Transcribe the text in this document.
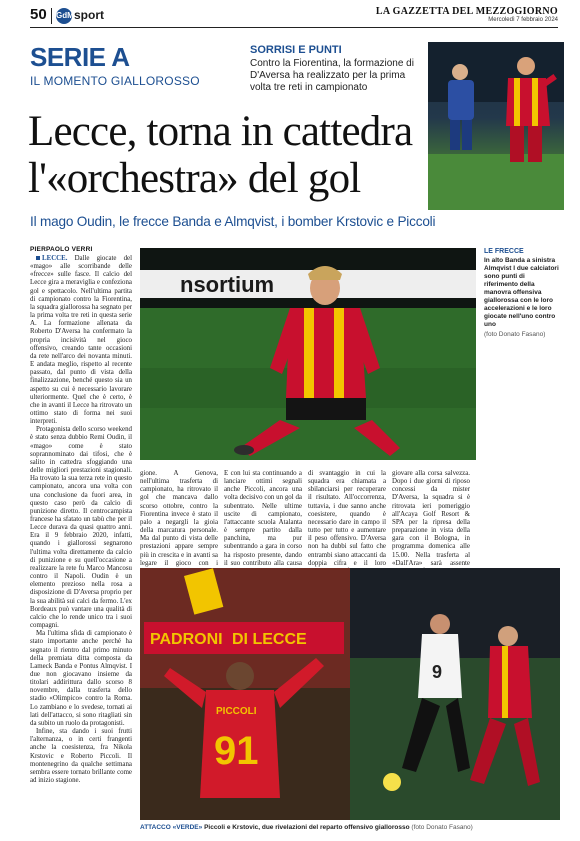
50 GdMsport	LA GAZZETTA DEL MEZZOGIORNO
Mercoledì 7 febbraio 2024
SERIE A
IL MOMENTO GIALLOROSSO
SORRISI E PUNTI
Contro la Fiorentina, la formazione di D'Aversa ha realizzato per la prima volta tre reti in campionato
Lecce, torna in cattedra
l'«orchestra» del gol
Il mago Oudin, le frecce Banda e Almqvist, i bomber Krstovic e Piccoli
PIERPAOLO VERRI

LECCE. Dalle giocate del «mago» alle scorribande delle «frecce» sulle fasce. Il calcio del Lecce gira a meraviglia e confeziona gol e spettacolo. Nell'ultima partita di campionato contro la Fiorentina, la squadra giallorossa ha segnato per la prima volta tre reti in questa serie A. La formazione allenata da Roberto D'Aversa ha confermato la propria incisività nel gioco offensivo, creando tante occasioni da rete nell'arco dei novanta minuti. E andata meglio, rispetto al recente passato, dal punto di vista della finalizzazione, benché questo sia un aspetto su cui è necessario lavorare ulteriormente. Quel che è certo, è che in avanti il Lecce ha ritrovato un ottimo stato di forma nei suoi interpreti.

Protagonista dello scorso weekend è stato senza dubbio Remi Oudin, il «mago» come è stato soprannominato dai tifosi, che è salito in cattedra sfoggiando una delle migliori prestazioni stagionali. Ha trovato la sua terza rete in questo campionato, ancora una volta con una conclusione da fuori area, in questo caso però da calcio di punizione diretto. Il centrocampista francese ha sfatato un tabù che per il Lecce durava da quasi quattro anni. Era il 9 febbraio 2020, infatti, quando i giallorossi segnarono l'ultima volta direttamente da calcio di punizione e su quell'occasione a realizzare la rete fu Marco Mancosu contro il Napoli. Oudin è un elemento prezioso nella rosa a disposizione di D'Aversa proprio per la sua abilità sui calci da fermo. L'ex Bordeaux può vantare una qualità di calcio che lo rende unico tra i suoi compagni.

Ma l'ultima sfida di campionato è stato importante anche perché ha segnato il rientro dal primo minuto della premiata ditta composta da Lameck Banda e Pontus Almqvist. I due non giocavano insieme da titolari addirittura dallo scorso 8 novembre, dalla trasferta dello stadio «Olimpico» contro la Roma. Lo zambiano e lo svedese, tornati ai lati dell'attacco, si sono ritagliati sin da subito un ruolo da protagonisti.

Infine, sta dando i suoi frutti l'alternanza, o in certi frangenti anche la coesistenza, fra Nikola Krstovic e Roberto Piccoli. Il montenegrino da qualche settimana sembra essere tornato brillante come ad inizio stagione.

nsortium
LE FRECCE
In alto Banda a sinistra Almqvist I due calciatori sono punti di riferimento della manovra offensiva giallorossa con le loro accelerazioni e le loro giocate nell'uno contro uno
(foto Donato Fasano)
gione. A Genova, nell'ultima trasferta di campionato, ha ritrovato il gol che mancava dallo scorso ottobre, contro la Fiorentina invece è stato il palo a negargli la gioia della marcatura personale. Ma dal punto di vista delle prestazioni appare sempre più in crescita e in avanti sa legare il gioco con i
E con lui sta continuando a lanciare ottimi segnali anche Piccoli, ancora una volta decisivo con un gol da subentrato. Nelle ultime uscite di campionato, l'attaccante scuola Atalanta è sempre partito dalla panchina, ma pur subentrando a gara in corso ha risposto presente, dando il suo contributo alla causa
di svantaggio in cui la squadra era chiamata a sbilanciarsi per recuperare il risultato. All'occorrenza, tuttavia, i due sanno anche coesistere, quando è necessario dare in campo il tutto per tutto e aumentare il peso offensivo. D'Aversa non ha dubbi sul fatto che entrambi siano attaccanti da doppia cifra e il loro
giovare alla corsa salvezza. Dopo i due giorni di riposo concessi da mister D'Aversa, la squadra si è ritrovata ieri pomeriggio all'Acaya Golf Resort & SPA per la ripresa della preparazione in vista della gara con il Bologna, in programma domenica alle 15.00. Nella trasferta al «Dall'Ara» sarà assente
PADRONI DI LECCE
PICCOLI
91
9
ATTACCO «VERDE» Piccoli e Krstovic, due rivelazioni del reparto offensivo giallorosso (foto Donato Fasano)
